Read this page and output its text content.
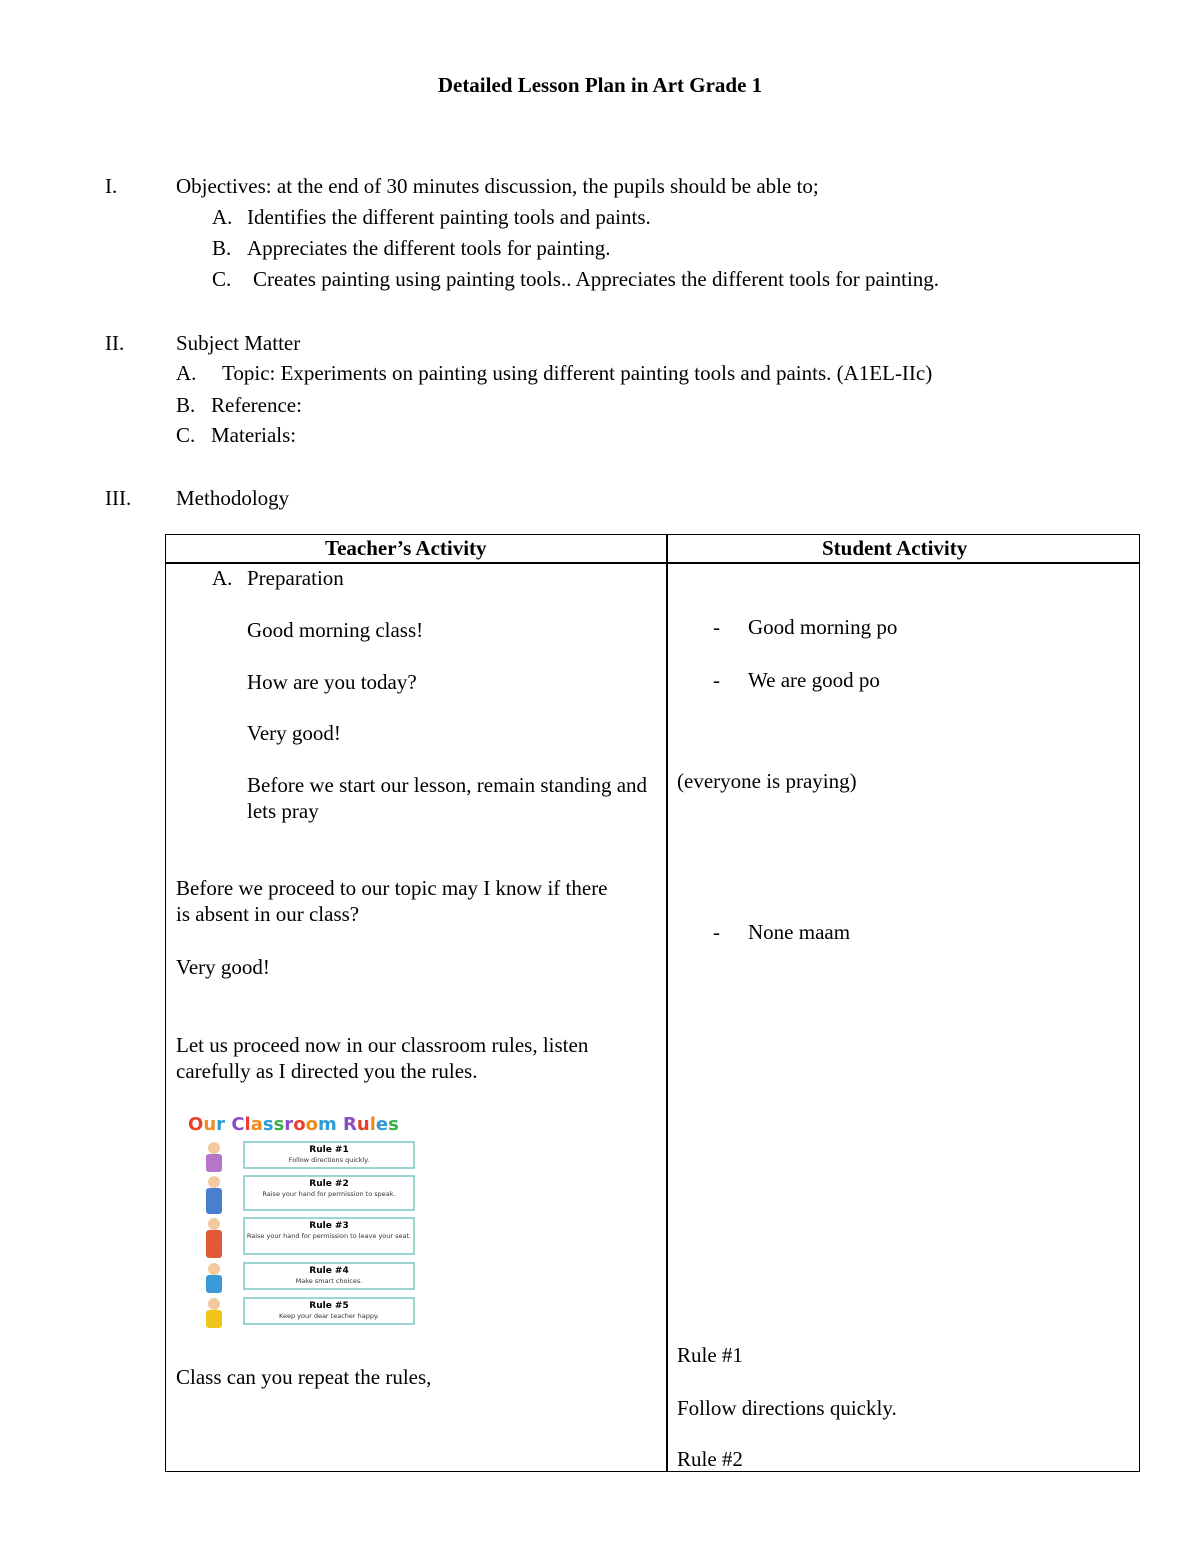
Detailed Lesson Plan in Art Grade 1
I.	Objectives: at the end of 30 minutes discussion, the pupils should be able to;
A. Identifies the different painting tools and paints.
B. Appreciates the different tools for painting.
C. Creates painting using painting tools.. Appreciates the different tools for painting.
II. Subject Matter
A. Topic: Experiments on painting using different painting tools and paints. (A1EL-IIc)
B. Reference:
C. Materials:
III. Methodology
Teacher’s Activity	Student Activity
A. Preparation
Good morning class!
How are you today?
Very good!
Before we start our lesson, remain standing and lets pray
Before we proceed to our topic may I know if there is absent in our class?
Very good!
Let us proceed now in our classroom rules, listen carefully as I directed you the rules.
Class can you repeat the rules,
Our Classroom Rules
Rule #1
Follow directions quickly.
Rule #2
Raise your hand for permission to speak.
Rule #3
Raise your hand for permission to leave your seat.
Rule #4
Make smart choices.
Rule #5
Keep your dear teacher happy.
- Good morning po
- We are good po
(everyone is praying)
- None maam
Rule #1
Follow directions quickly.
Rule #2
